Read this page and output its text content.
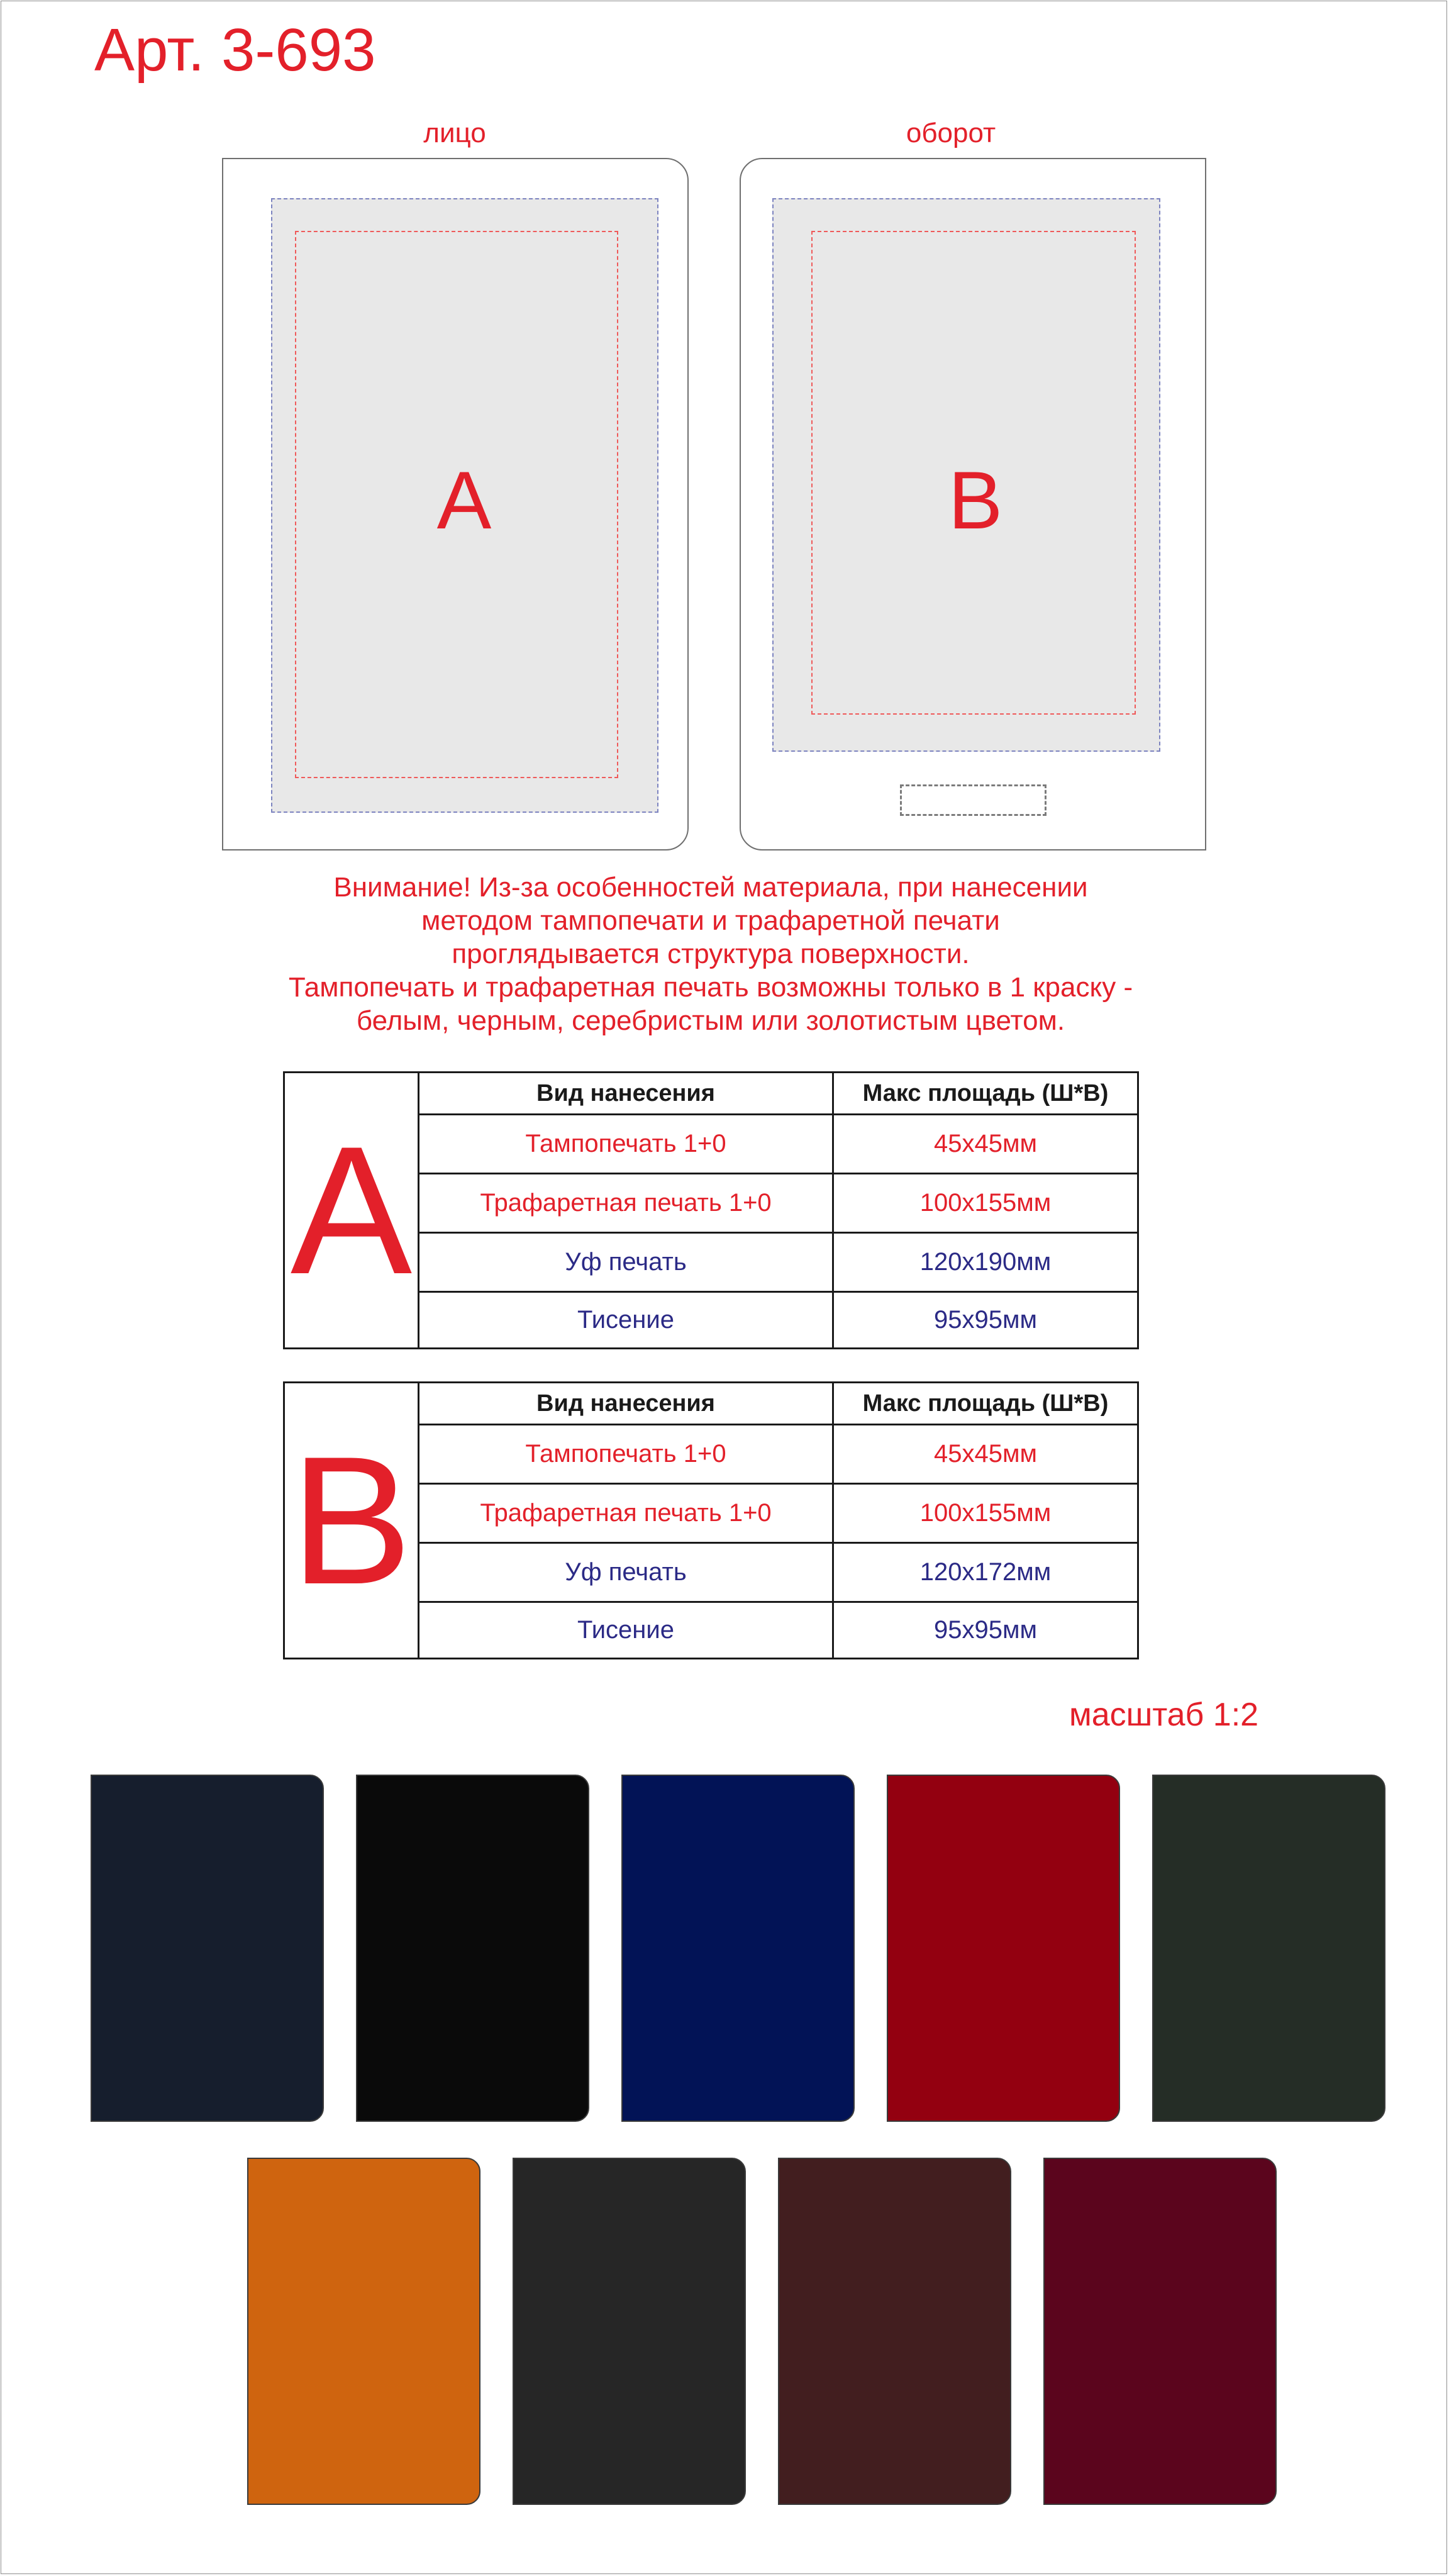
Арт. 3-693
лицо	оборот
A	B
Внимание! Из-за особенностей материала, при нанесении
методом тампопечати и трафаретной печати
проглядывается структура поверхности.
Тампопечать и трафаретная печать возможны только в 1 краску -
белым, черным, серебристым или золотистым цветом.
A
Вид нанесения	Макс площадь (Ш*В)
Тампопечать 1+0	45х45мм
Трафаретная печать 1+0	100х155мм
Уф печать	120х190мм
Тисение	95х95мм
B
Вид нанесения	Макс площадь (Ш*В)
Тампопечать 1+0	45х45мм
Трафаретная печать 1+0	100х155мм
Уф печать	120х172мм
Тисение	95х95мм
масштаб 1:2
